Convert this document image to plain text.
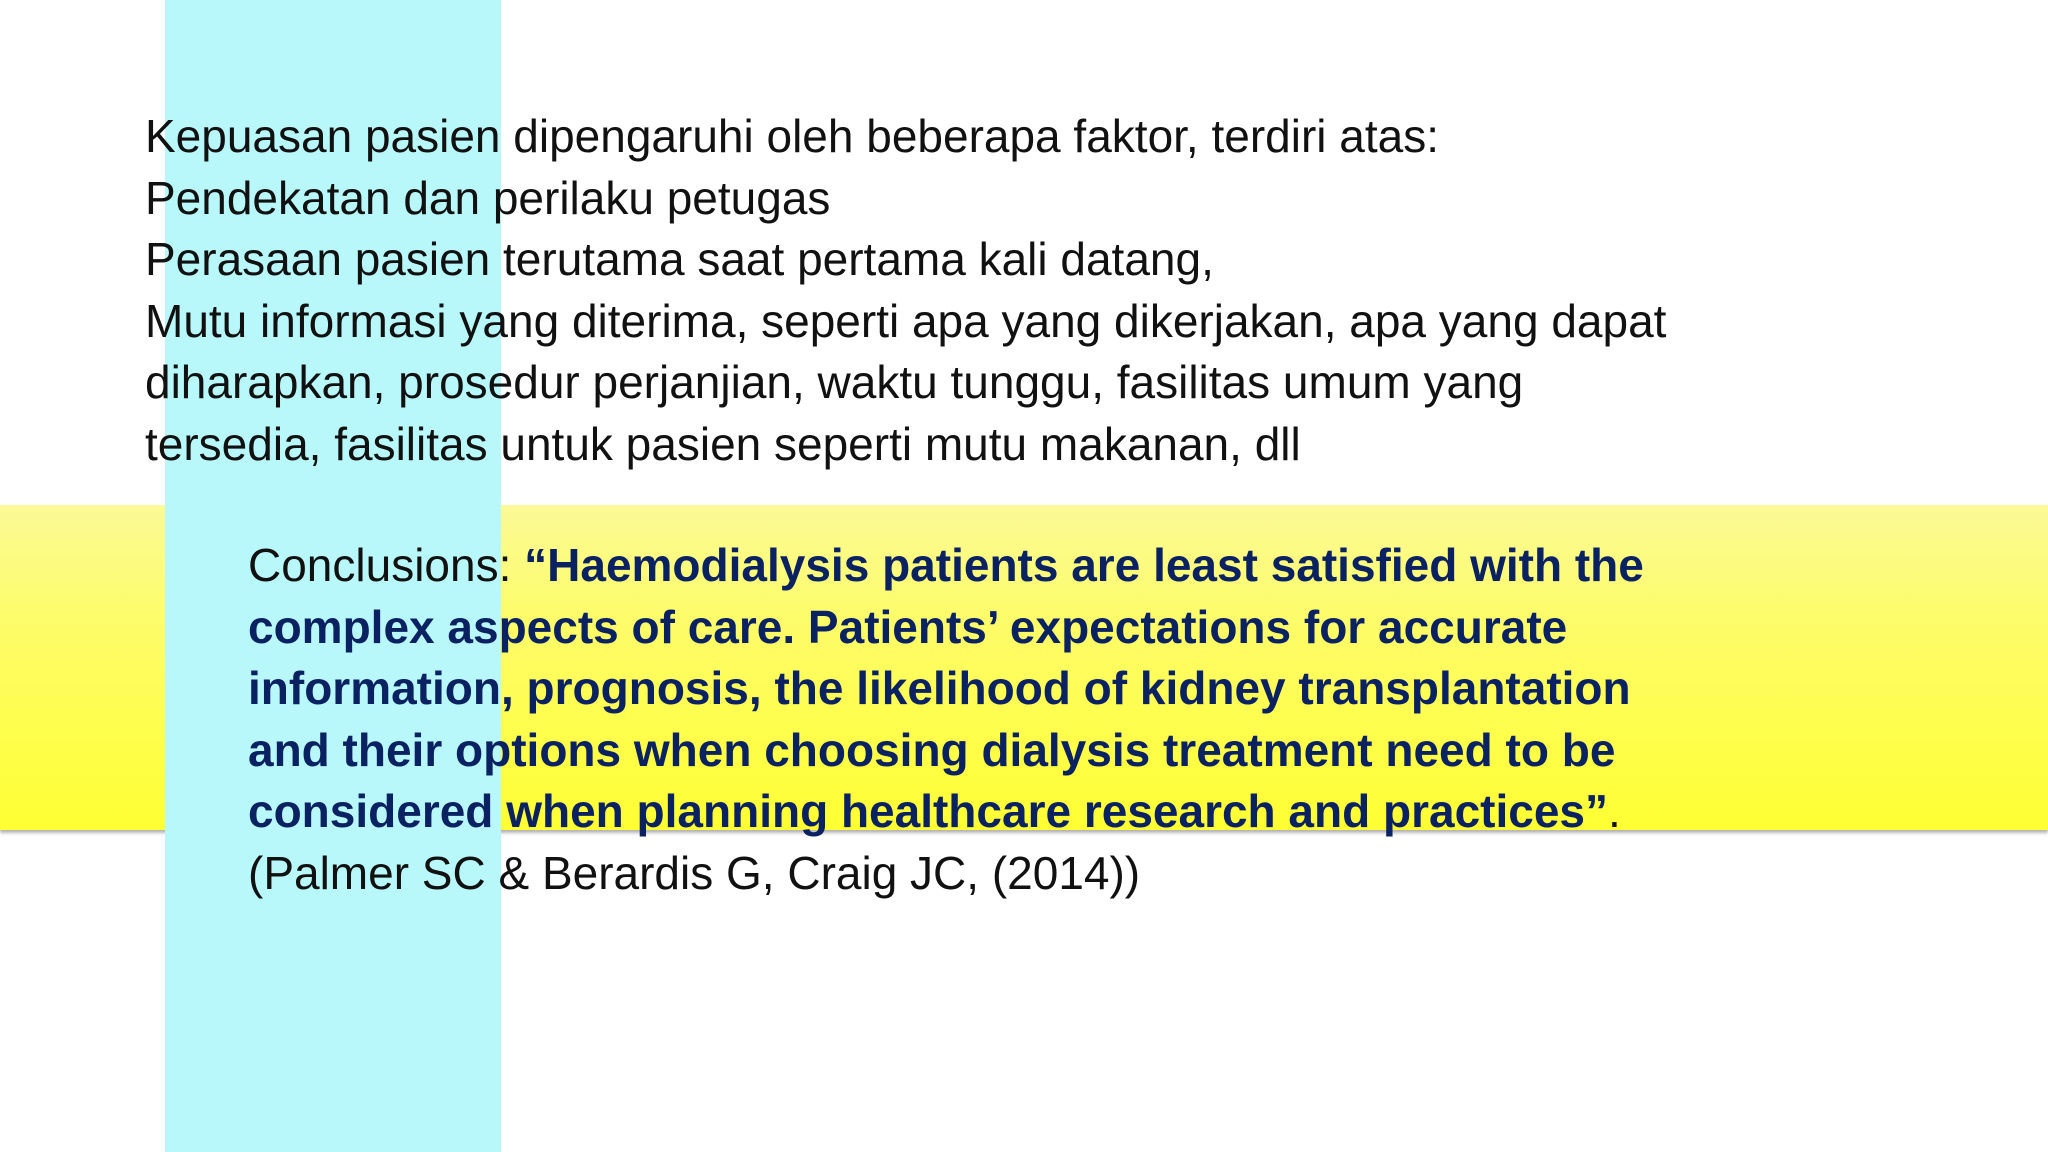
Kepuasan pasien dipengaruhi oleh beberapa faktor, terdiri atas:

Pendekatan dan perilaku petugas

Perasaan pasien terutama saat pertama kali datang,

Mutu informasi yang diterima, seperti apa yang dikerjakan, apa yang dapat

diharapkan, prosedur perjanjian, waktu tunggu, fasilitas umum yang

tersedia, fasilitas untuk pasien seperti mutu makanan, dll

Conclusions: “Haemodialysis patients are least satisfied with the

complex aspects of care. Patients’ expectations for accurate

information, prognosis, the likelihood of kidney transplantation

and their options when choosing dialysis treatment need to be

considered when planning healthcare research and practices”.

(Palmer SC & Berardis G, Craig JC, (2014))
